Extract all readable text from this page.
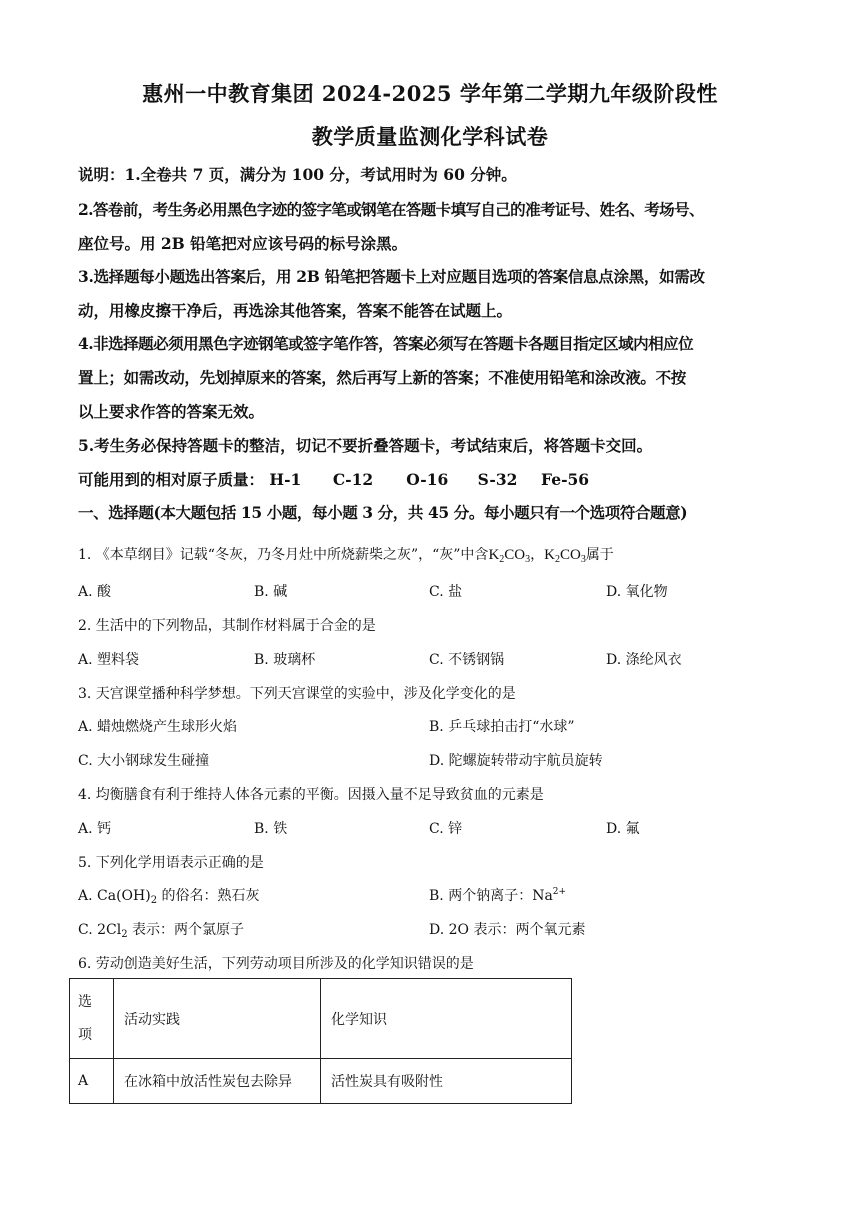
惠州一中教育集团 2024-2025 学年第二学期九年级阶段性
教学质量监测化学科试卷
说明：1.全卷共 7 页，满分为 100 分，考试用时为 60 分钟。
2.答卷前，考生务必用黑色字迹的签字笔或钢笔在答题卡填写自己的准考证号、姓名、考场号、
座位号。用 2B 铅笔把对应该号码的标号涂黑。
3.选择题每小题选出答案后，用 2B 铅笔把答题卡上对应题目选项的答案信息点涂黑，如需改
动，用橡皮擦干净后，再选涂其他答案，答案不能答在试题上。
4.非选择题必须用黑色字迹钢笔或签字笔作答，答案必须写在答题卡各题目指定区域内相应位
置上；如需改动，先划掉原来的答案，然后再写上新的答案；不准使用铅笔和涂改液。不按
以上要求作答的答案无效。
5.考生务必保持答题卡的整洁，切记不要折叠答题卡，考试结束后，将答题卡交回。
可能用到的相对原子质量： H-1 C-12 O-16 S-32 Fe-56
一、选择题(本大题包括 15 小题，每小题 3 分，共 45 分。每小题只有一个选项符合题意)
1. 《本草纲目》记载“冬灰，乃冬月灶中所烧薪柴之灰”，“灰”中含$K_2CO_3$，$K_2CO_3$属于
A. 酸	B. 碱	C. 盐	D. 氧化物
2. 生活中的下列物品，其制作材料属于合金的是
A. 塑料袋	B. 玻璃杯	C. 不锈钢锅	D. 涤纶风衣
3. 天宫课堂播种科学梦想。下列天宫课堂的实验中，涉及化学变化的是
A. 蜡烛燃烧产生球形火焰	B. 乒乓球拍击打“水球”
C. 大小钢球发生碰撞	D. 陀螺旋转带动宇航员旋转
4. 均衡膳食有利于维持人体各元素的平衡。因摄入量不足导致贫血的元素是
A. 钙	B. 铁	C. 锌	D. 氟
5. 下列化学用语表示正确的是
A. $Ca(OH)_2$ 的俗名：熟石灰	B. 两个钠离子：$Na^{2+}$
C. $2Cl_2$ 表示：两个氯原子	D. 2O 表示：两个氧元素
6. 劳动创造美好生活，下列劳动项目所涉及的化学知识错误的是
选
项	活动实践	化学知识
A	在冰箱中放活性炭包去除异	活性炭具有吸附性
